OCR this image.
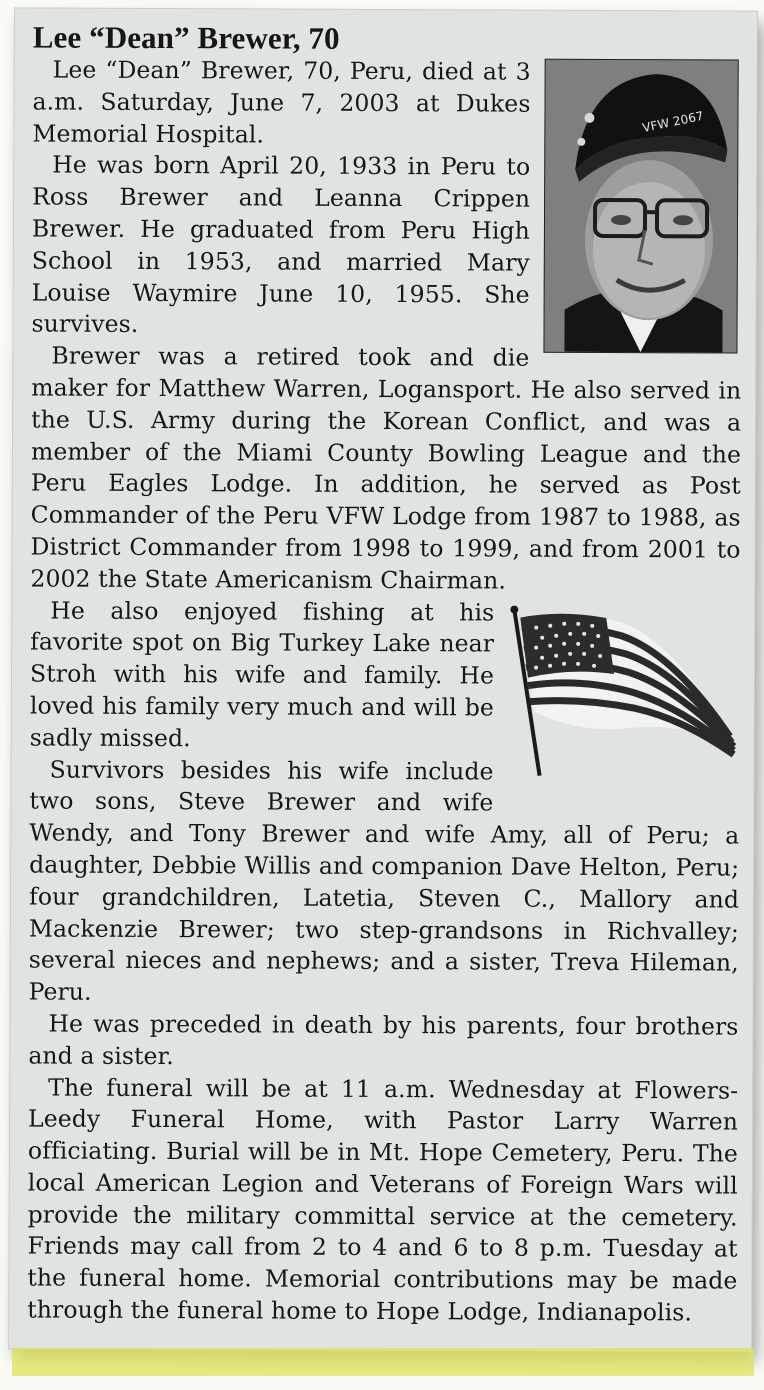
Lee “Dean” Brewer, 70
VFW 2067

Lee “Dean” Brewer, 70, Peru, died at 3 a.m. Saturday, June 7, 2003 at Dukes Memorial Hospital.

He was born April 20, 1933 in Peru to Ross Brewer and Leanna Crippen Brewer. He graduated from Peru High School in 1953, and married Mary Louise Waymire June 10, 1955. She survives.

Brewer was a retired took and die maker for Matthew Warren, Logansport. He also served in the U.S. Army during the Korean Conflict, and was a member of the Miami County Bowling League and the Peru Eagles Lodge. In addition, he served as Post Commander of the Peru VFW Lodge from 1987 to 1988, as District Commander from 1998 to 1999, and from 2001 to 2002 the State Americanism Chairman.

He also enjoyed fishing at his favorite spot on Big Turkey Lake near Stroh with his wife and family. He loved his family very much and will be sadly missed.

Survivors besides his wife include two sons, Steve Brewer and wife Wendy, and Tony Brewer and wife Amy, all of Peru; a daughter, Debbie Willis and companion Dave Helton, Peru; four grandchildren, Latetia, Steven C., Mallory and Mackenzie Brewer; two step-grandsons in Richvalley; several nieces and nephews; and a sister, Treva Hileman, Peru.

He was preceded in death by his parents, four brothers and a sister.

The funeral will be at 11 a.m. Wednesday at Flowers-Leedy Funeral Home, with Pastor Larry Warren officiating. Burial will be in Mt. Hope Cemetery, Peru. The local American Legion and Veterans of Foreign Wars will provide the military committal service at the cemetery. Friends may call from 2 to 4 and 6 to 8 p.m. Tuesday at the funeral home. Memorial contributions may be made through the funeral home to Hope Lodge, Indianapolis.
